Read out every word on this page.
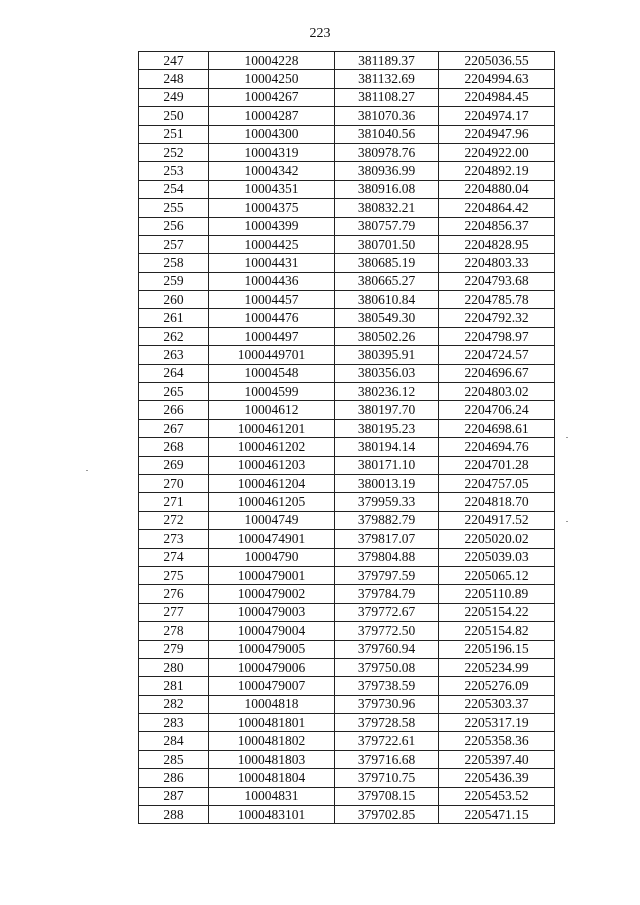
223
247	10004228	381189.37	2205036.55
248	10004250	381132.69	2204994.63
249	10004267	381108.27	2204984.45
250	10004287	381070.36	2204974.17
251	10004300	381040.56	2204947.96
252	10004319	380978.76	2204922.00
253	10004342	380936.99	2204892.19
254	10004351	380916.08	2204880.04
255	10004375	380832.21	2204864.42
256	10004399	380757.79	2204856.37
257	10004425	380701.50	2204828.95
258	10004431	380685.19	2204803.33
259	10004436	380665.27	2204793.68
260	10004457	380610.84	2204785.78
261	10004476	380549.30	2204792.32
262	10004497	380502.26	2204798.97
263	1000449701	380395.91	2204724.57
264	10004548	380356.03	2204696.67
265	10004599	380236.12	2204803.02
266	10004612	380197.70	2204706.24
267	1000461201	380195.23	2204698.61
268	1000461202	380194.14	2204694.76
269	1000461203	380171.10	2204701.28
270	1000461204	380013.19	2204757.05
271	1000461205	379959.33	2204818.70
272	10004749	379882.79	2204917.52
273	1000474901	379817.07	2205020.02
274	10004790	379804.88	2205039.03
275	1000479001	379797.59	2205065.12
276	1000479002	379784.79	2205110.89
277	1000479003	379772.67	2205154.22
278	1000479004	379772.50	2205154.82
279	1000479005	379760.94	2205196.15
280	1000479006	379750.08	2205234.99
281	1000479007	379738.59	2205276.09
282	10004818	379730.96	2205303.37
283	1000481801	379728.58	2205317.19
284	1000481802	379722.61	2205358.36
285	1000481803	379716.68	2205397.40
286	1000481804	379710.75	2205436.39
287	10004831	379708.15	2205453.52
288	1000483101	379702.85	2205471.15
